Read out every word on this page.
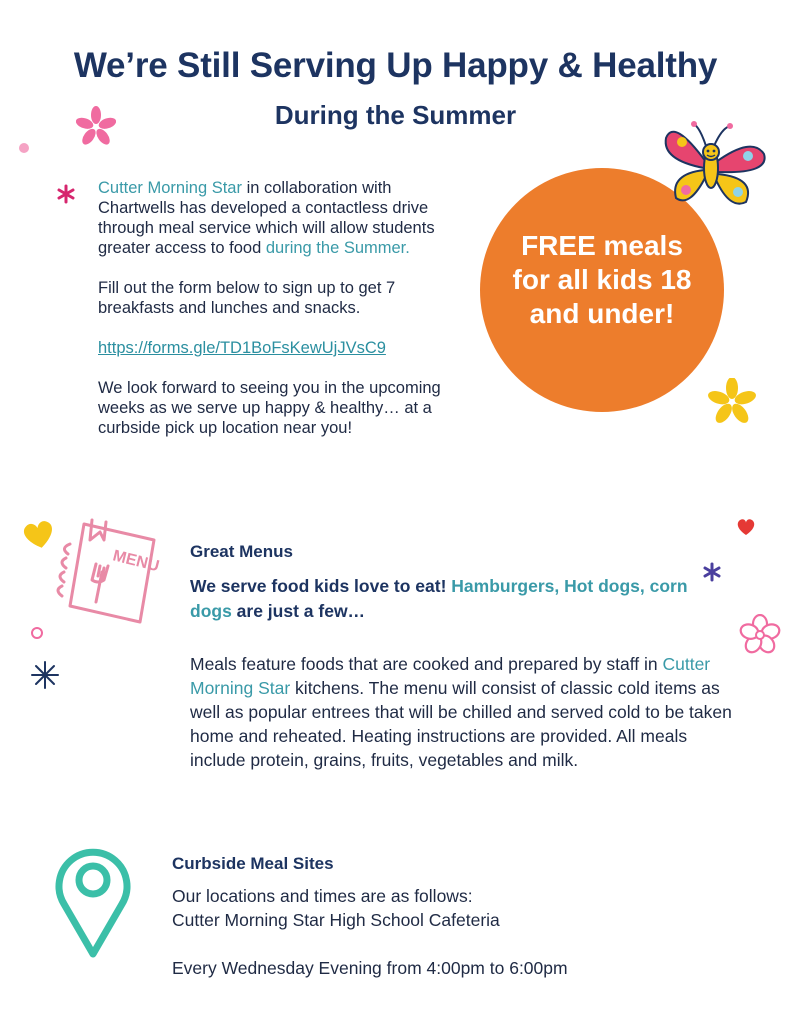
We’re Still Serving Up Happy & Healthy
During the Summer

Cutter Morning Star in collaboration with Chartwells has developed a contactless drive through meal service which will allow students greater access to food during the Summer.

Fill out the form below to sign up to get 7 breakfasts and lunches and snacks.

https://forms.gle/TD1BoFsKewUjJVsC9

We look forward to seeing you in the upcoming weeks as we serve up happy & healthy… at a curbside pick up location near you!

FREE meals for all kids 18 and under!
MENU Great Menus

We serve food kids love to eat! Hamburgers, Hot dogs, corn dogs are just a few…

Meals feature foods that are cooked and prepared by staff in Cutter Morning Star kitchens. The menu will consist of classic cold items as well as popular entrees that will be chilled and served cold to be taken home and reheated. Heating instructions are provided. All meals include protein, grains, fruits, vegetables and milk.

Curbside Meal Sites
Our locations and times are as follows:
Cutter Morning Star High School Cafeteria
Every Wednesday Evening from 4:00pm to 6:00pm
